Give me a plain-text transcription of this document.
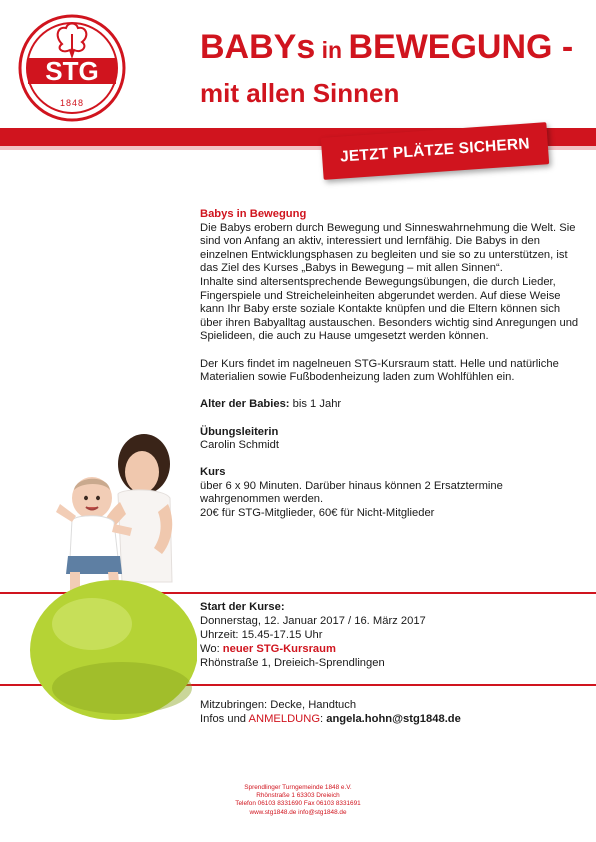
STG
1848
BABYs in BEWEGUNG -
mit allen Sinnen
JETZT PLÄTZE SICHERN

Babys in Bewegung

Die Babys erobern durch Bewegung und Sinneswahrnehmung die Welt. Sie sind von Anfang an aktiv, interessiert und lernfähig. Die Babys in den einzelnen Entwicklungsphasen zu begleiten und sie so zu unterstützen, ist das Ziel des Kurses „Babys in Bewegung – mit allen Sinnen“.

Inhalte sind altersentsprechende Bewegungsübungen, die durch Lieder, Fingerspiele und Streicheleinheiten abgerundet werden. Auf diese Weise kann Ihr Baby erste soziale Kontakte knüpfen und die Eltern können sich über ihren Babyalltag austauschen. Besonders wichtig sind Anregungen und Spielideen, die auch zu Hause umgesetzt werden können.

Der Kurs findet im nagelneuen STG-Kursraum statt. Helle und natürliche Materialien sowie Fußbodenheizung laden zum Wohlfühlen ein.

Alter der Babies: bis 1 Jahr

Übungsleiterin

Carolin Schmidt

Kurs

über 6 x 90 Minuten. Darüber hinaus können 2 Ersatztermine wahrgenommen werden.

20€ für STG-Mitglieder, 60€ für Nicht-Mitglieder

Start der Kurse:

Donnerstag, 12. Januar 2017 / 16. März 2017

Uhrzeit: 15.45-17.15 Uhr

Wo: neuer STG-Kursraum

Rhönstraße 1, Dreieich-Sprendlingen

Mitzubringen: Decke, Handtuch

Infos und ANMELDUNG: angela.hohn@stg1848.de

Sprendlinger Turngemeinde 1848 e.V.

Rhönstraße 1 63303 Dreieich

Telefon 06103 8331690 Fax 06103 8331691

www.stg1848.de info@stg1848.de
